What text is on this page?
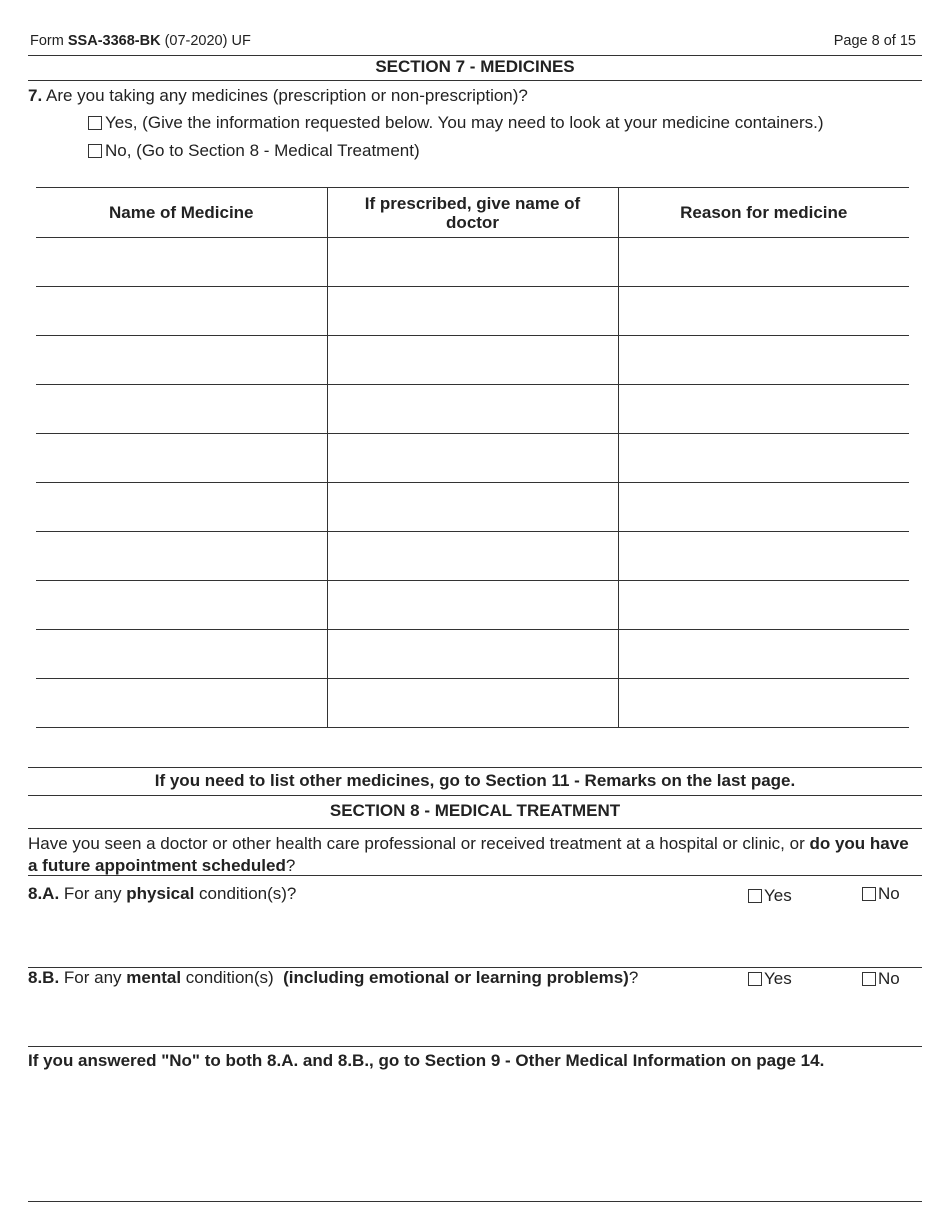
Form SSA-3368-BK (07-2020) UF	Page 8 of 15
SECTION 7 - MEDICINES
7. Are you taking any medicines (prescription or non-prescription)?
Yes, (Give the information requested below. You may need to look at your medicine containers.)
No, (Go to Section 8 - Medical Treatment)
Name of Medicine	If prescribed, give name of doctor	Reason for medicine

If you need to list other medicines, go to Section 11 - Remarks on the last page.
SECTION 8 - MEDICAL TREATMENT
Have you seen a doctor or other health care professional or received treatment at a hospital or clinic, or do you have a future appointment scheduled?
8.A. For any physical condition(s)?	Yes	No
8.B. For any mental condition(s)  (including emotional or learning problems)?	Yes	No
If you answered "No" to both 8.A. and 8.B., go to Section 9 - Other Medical Information on page 14.
